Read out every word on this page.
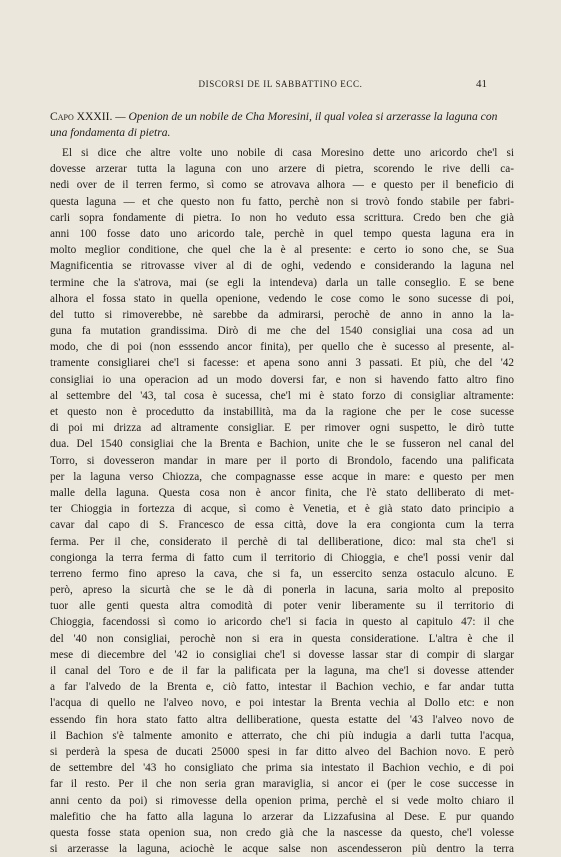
DISCORSI DE IL SABBATTINO ECC.	41
Capo XXXII. — Openion de un nobile de Cha Moresini, il qual volea si arzerasse la laguna con una fondamenta di pietra.
El si dice che altre volte uno nobile di casa Moresino dette uno aricordo che'l si
dovesse arzerar tutta la laguna con uno arzere di pietra, scorendo le rive delli ca-
nedi over de il terren fermo, sì como se atrovava alhora — e questo per il beneficio di
questa laguna — et che questo non fu fatto, perchè non si trovò fondo stabile per fabri-
carli sopra fondamente di pietra. Io non ho veduto essa scrittura. Credo ben che già
anni 100 fosse dato uno aricordo tale, perchè in quel tempo questa laguna era in
molto meglior conditione, che quel che la è al presente: e certo io sono che, se Sua
Magnificentia se ritrovasse viver al di de oghi, vedendo e considerando la laguna nel
termine che la s'atrova, mai (se egli la intendeva) darla un talle conseglio. E se bene
alhora el fossa stato in quella openione, vedendo le cose como le sono sucesse di poi,
del tutto si rimoverebbe, nè sarebbe da admirarsi, perochè de anno in anno la la-
guna fa mutation grandissima. Dirò di me che del 1540 consigliai una cosa ad un
modo, che di poi (non esssendo ancor finita), per quello che è sucesso al presente, al-
tramente consigliarei che'l si facesse: et apena sono anni 3 passati. Et più, che del '42
consigliai io una operacion ad un modo doversi far, e non si havendo fatto altro fino
al settembre del '43, tal cosa è sucessa, che'l mi è stato forzo di consigliar altramente:
et questo non è procedutto da instabillità, ma da la ragione che per le cose sucesse
di poi mi drizza ad altramente consigliar. E per rimover ogni suspetto, le dirò tutte
dua. Del 1540 consigliai che la Brenta e Bachion, unite che le se fusseron nel canal del
Torro, si dovesseron mandar in mare per il porto di Brondolo, facendo una palificata
per la laguna verso Chiozza, che compagnasse esse acque in mare: e questo per men
malle della laguna. Questa cosa non è ancor finita, che l'è stato delliberato di met-
ter Chioggia in fortezza di acque, sì como è Venetia, et è già stato dato principio a
cavar dal capo di S. Francesco de essa città, dove la era congionta cum la terra
ferma. Per il che, considerato il perchè di tal delliberatione, dico: mal sta che'l si
congionga la terra ferma di fatto cum il territorio di Chioggia, e che'l possi venir dal
terreno fermo fino apreso la cava, che si fa, un essercito senza ostaculo alcuno. E
però, apreso la sicurtà che se le dà di ponerla in lacuna, saria molto al preposito
tuor alle genti questa altra comodità di poter venir liberamente su il territorio di
Chioggia, facendossi sì como io aricordo che'l si facia in questo al capitulo 47: il che
del '40 non consigliai, perochè non si era in questa consideratione. L'altra è che il
mese di diecembre del '42 io consigliai che'l si dovesse lassar star di compir di slargar
il canal del Toro e de il far la palificata per la laguna, ma che'l si dovesse attender
a far l'alvedo de la Brenta e, ciò fatto, intestar il Bachion vechio, e far andar tutta
l'acqua di quello ne l'alveo novo, e poi intestar la Brenta vechia al Dollo etc: e non
essendo fin hora stato fatto altra delliberatione, questa estatte del '43 l'alveo novo de
il Bachion s'è talmente amonito e atterrato, che chi più indugia a darli tutta l'acqua,
si perderà la spesa de ducati 25000 spesi in far ditto alveo del Bachion novo. E però
de settembre del '43 ho consigliato che prima sia intestato il Bachion vechio, e di poi
far il resto. Per il che non seria gran maraviglia, si ancor ei (per le cose successe in
anni cento da poi) si rimovesse della openion prima, perchè el si vede molto chiaro il
malefitio che ha fatto alla laguna lo arzerar da Lizzafusina al Dese. E pur quando
questa fosse stata openion sua, non credo già che la nascesse da questo, che'l volesse
si arzerasse la laguna, aciochè le acque salse non ascendesseron più dentro la terra
